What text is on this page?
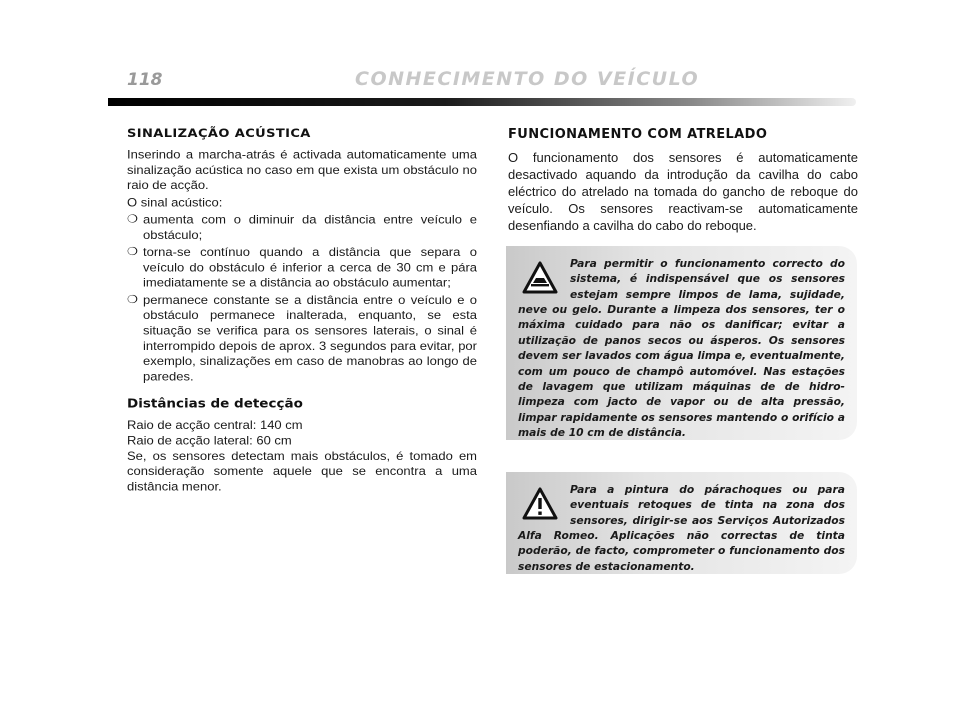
118	CONHECIMENTO DO VEÍCULO
SINALIZAÇÃO ACÚSTICA

Inserindo a marcha-atrás é activada automaticamente uma sinalização acústica no caso em que exista um obstáculo no raio de acção.

O sinal acústico:

❍ aumenta com o diminuir da distância entre veículo e obstáculo;
❍ torna-se contínuo quando a distância que separa o veículo do obstáculo é inferior a cerca de 30 cm e pára imediatamente se a distância ao obstáculo aumentar;
❍ permanece constante se a distância entre o veículo e o obstáculo permanece inalterada, enquanto, se esta situação se verifica para os sensores laterais, o sinal é interrompido depois de aprox. 3 segundos para evitar, por exemplo, sinalizações em caso de manobras ao longo de paredes.
Distâncias de detecção
Raio de acção central: 140 cm
Raio de acção lateral: 60 cm

Se, os sensores detectam mais obstáculos, é tomado em consideração somente aquele que se encontra a uma distância menor.

FUNCIONAMENTO COM ATRELADO

O funcionamento dos sensores é automaticamente desactivado aquando da introdução da cavilha do cabo eléctrico do atrelado na tomada do gancho de reboque do veículo. Os sensores reactivam-se automaticamente desenfiando a cavilha do cabo do reboque.

Para permitir o funcionamento correcto do sistema, é indispensável que os sensores estejam sempre limpos de lama, sujidade, neve ou gelo. Durante a limpeza dos sensores, ter o máxima cuidado para não os danificar; evitar a utilização de panos secos ou ásperos. Os sensores devem ser lavados com água limpa e, eventualmente, com um pouco de champô automóvel. Nas estações de lavagem que utilizam máquinas de de hidro-limpeza com jacto de vapor ou de alta pressão, limpar rapidamente os sensores mantendo o orifício a mais de 10 cm de distância.

Para a pintura do párachoques ou para eventuais retoques de tinta na zona dos sensores, dirigir-se aos Serviços Autorizados Alfa Romeo. Aplicações não correctas de tinta poderão, de facto, comprometer o funcionamento dos sensores de estacionamento.
